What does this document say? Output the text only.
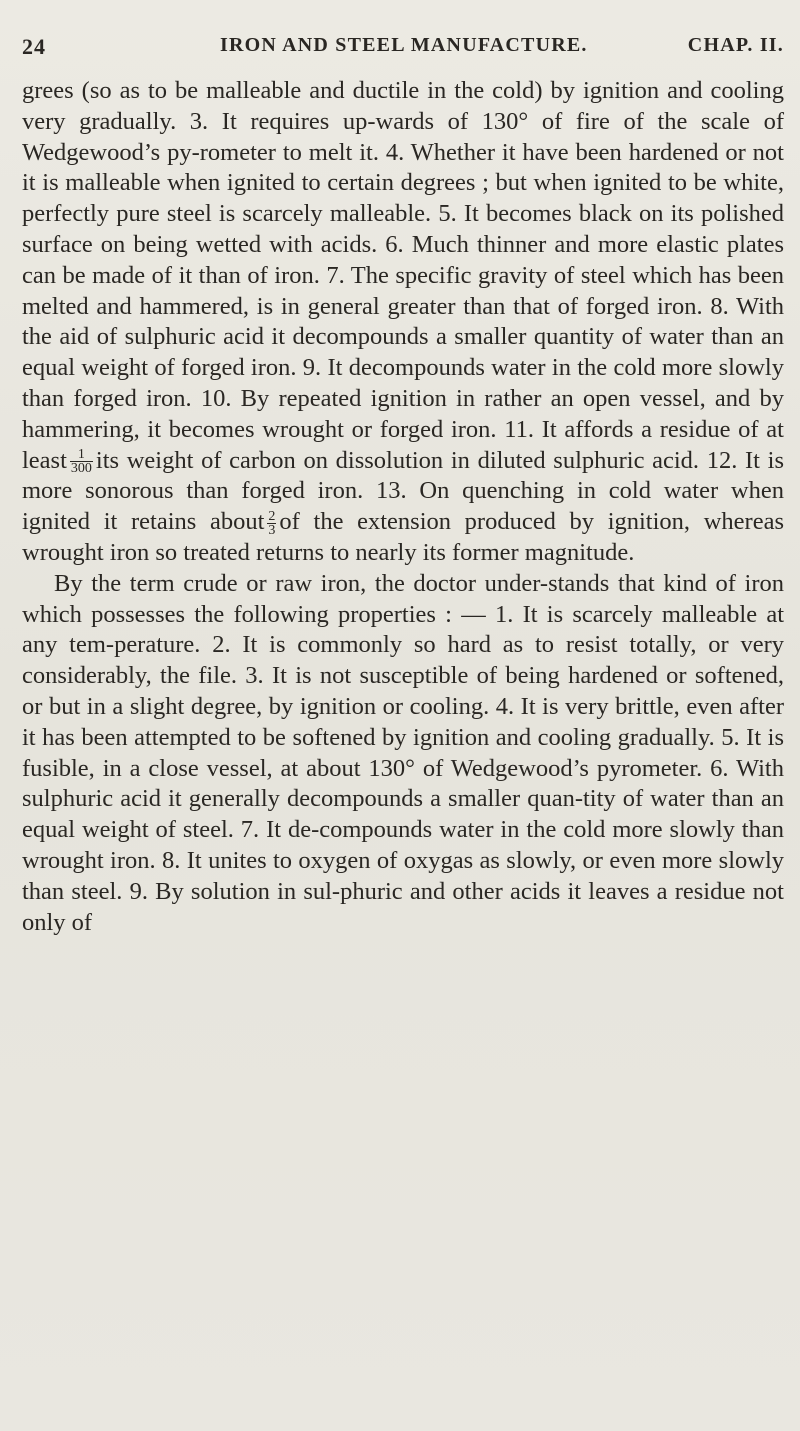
24	IRON AND STEEL MANUFACTURE.	CHAP. II.

grees (so as to be malleable and ductile in the cold) by ignition and cooling very gradually. 3. It requires up-wards of 130° of fire of the scale of Wedgewood’s py-rometer to melt it. 4. Whether it have been hardened or not it is malleable when ignited to certain degrees ; but when ignited to be white, perfectly pure steel is scarcely malleable. 5. It becomes black on its polished surface on being wetted with acids. 6. Much thinner and more elastic plates can be made of it than of iron. 7. The specific gravity of steel which has been melted and hammered, is in general greater than that of forged iron. 8. With the aid of sulphuric acid it decompounds a smaller quantity of water than an equal weight of forged iron. 9. It decompounds water in the cold more slowly than forged iron. 10. By repeated ignition in rather an open vessel, and by hammering, it becomes wrought or forged iron. 11. It affords a residue of at least $\frac{1}{300}$ its weight of carbon on dissolution in diluted sulphuric acid. 12. It is more sonorous than forged iron. 13. On quenching in cold water when ignited it retains about $\frac{2}{3}$ of the extension produced by ignition, whereas wrought iron so treated returns to nearly its former magnitude.

By the term crude or raw iron, the doctor under-stands that kind of iron which possesses the following properties : — 1. It is scarcely malleable at any tem-perature. 2. It is commonly so hard as to resist totally, or very considerably, the file. 3. It is not susceptible of being hardened or softened, or but in a slight degree, by ignition or cooling. 4. It is very brittle, even after it has been attempted to be softened by ignition and cooling gradually. 5. It is fusible, in a close vessel, at about 130° of Wedgewood’s pyrometer. 6. With sulphuric acid it generally decompounds a smaller quan-tity of water than an equal weight of steel. 7. It de-compounds water in the cold more slowly than wrought iron. 8. It unites to oxygen of oxygas as slowly, or even more slowly than steel. 9. By solution in sul-phuric and other acids it leaves a residue not only of
